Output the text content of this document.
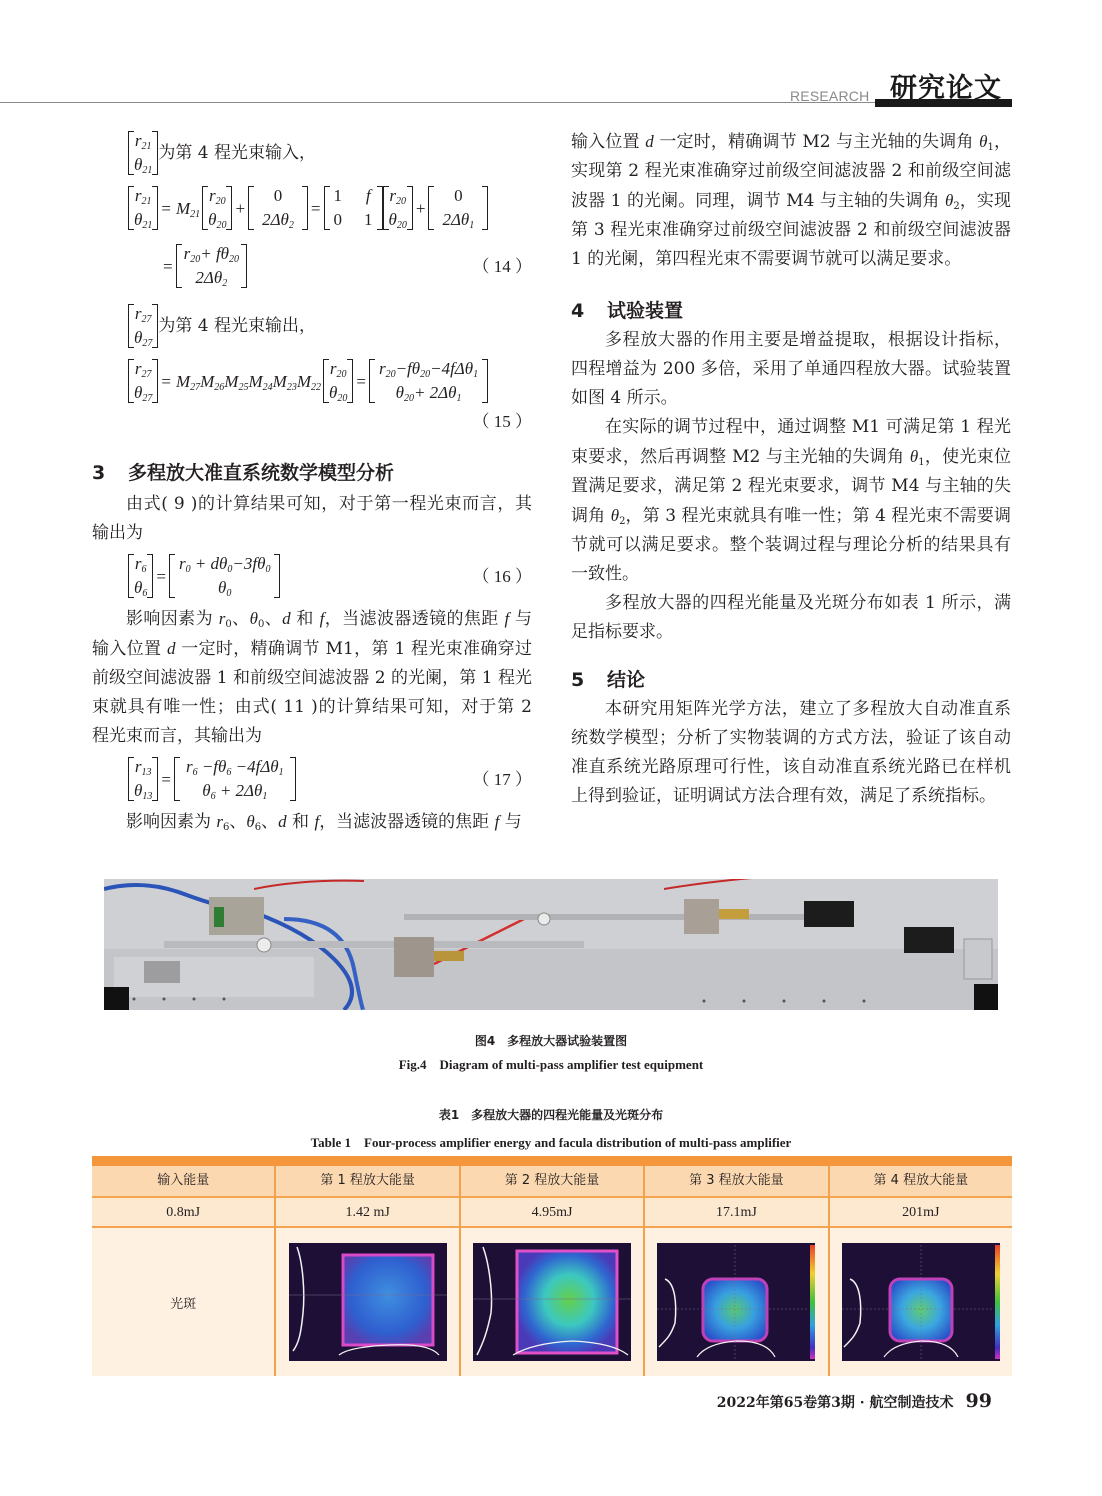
RESEARCH 研究论文
$r_{21}$
$\theta_{21}$
为第 4 程光束输入，
$r_{21}$
$\theta_{21}$
= $M_{21}$
$r_{20}$
$\theta_{20}$
+
0
$2\Delta\theta_2$
=
1 f
0 1
$r_{20}$
$\theta_{20}$
+
0
$2\Delta\theta_1$
=
$r_{20}+ f\theta_{20}$
$2\Delta\theta_2$
（ 14 ）
$r_{27}$
$\theta_{27}$
为第 4 程光束输出，
$r_{27}$
$\theta_{27}$
= $M_{27}M_{26}M_{25}M_{24}M_{23}M_{22}$
$r_{20}$
$\theta_{20}$
=
$r_{20}-f\theta_{20}-4f\Delta\theta_1$
$\theta_{20}+ 2\Delta\theta_1$
（ 15 ）
3 多程放大准直系统数学模型分析

由式( 9 )的计算结果可知，对于第一程光束而言，其输出为

$r_6$
$\theta_6$
=
$r_0 + d\theta_0-3f\theta_0$
$\theta_0$
（ 16 ）

影响因素为 $r_0$、$\theta_0$、d 和 f，当滤波器透镜的焦距 f 与输入位置 d 一定时，精确调节 M1，第 1 程光束准确穿过前级空间滤波器 1 和前级空间滤波器 2 的光阑，第 1 程光束就具有唯一性；由式( 11 )的计算结果可知，对于第 2 程光束而言，其输出为

$r_{13}$
$\theta_{13}$
=
$r_6 -f\theta_6 -4f\Delta\theta_1$
$\theta_6 + 2\Delta\theta_1$
（ 17 ）

影响因素为 $r_6$、$\theta_6$、d 和 f，当滤波器透镜的焦距 f 与

输入位置 d 一定时，精确调节 M2 与主光轴的失调角 $\theta_1$，实现第 2 程光束准确穿过前级空间滤波器 2 和前级空间滤波器 1 的光阑。同理，调节 M4 与主轴的失调角 $\theta_2$，实现第 3 程光束准确穿过前级空间滤波器 2 和前级空间滤波器 1 的光阑，第四程光束不需要调节就可以满足要求。

4 试验装置

多程放大器的作用主要是增益提取，根据设计指标，四程增益为 200 多倍，采用了单通四程放大器。试验装置如图 4 所示。

在实际的调节过程中，通过调整 M1 可满足第 1 程光束要求，然后再调整 M2 与主光轴的失调角 $\theta_1$，使光束位置满足要求，满足第 2 程光束要求，调节 M4 与主轴的失调角 $\theta_2$，第 3 程光束就具有唯一性；第 4 程光束不需要调节就可以满足要求。整个装调过程与理论分析的结果具有一致性。

多程放大器的四程光能量及光斑分布如表 1 所示，满足指标要求。

5 结论

本研究用矩阵光学方法，建立了多程放大自动准直系统数学模型；分析了实物装调的方式方法，验证了该自动准直系统光路原理可行性，该自动准直系统光路已在样机上得到验证，证明调试方法合理有效，满足了系统指标。

图4　多程放大器试验装置图
Fig.4　Diagram of multi-pass amplifier test equipment
表1　多程放大器的四程光能量及光斑分布
Table 1　Four-process amplifier energy and facula distribution of multi-pass amplifier
输入能量	第 1 程放大能量	第 2 程放大能量	第 3 程放大能量	第 4 程放大能量
0.8mJ	1.42 mJ	4.95mJ	17.1mJ	201mJ
光斑
2022年第65卷第3期 · 航空制造技术 99
